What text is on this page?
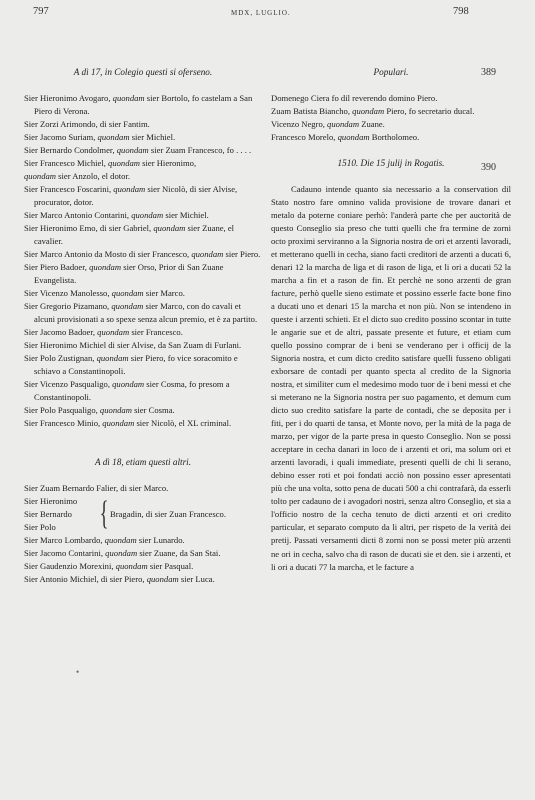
797	MDX, LUGLIO.	798
389
390
A dì 17, in Colegio questi si oferseno.

Sier Hieronimo Avogaro, quondam sier Bortolo, fo castelam a San Piero di Verona.

Sier Zorzi Arimondo, di sier Fantim.

Sier Jacomo Suriam, quondam sier Michiel.

Sier Bernardo Condolmer, quondam sier Zuam Francesco, fo . . . .

Sier Francesco Michiel, quondam sier Hieronimo,

quondam sier Anzolo, el dotor.

Sier Francesco Foscarini, quondam sier Nicolò, di sier Alvise, procurator, dotor.

Sier Marco Antonio Contarini, quondam sier Michiel.

Sier Hieronimo Emo, di sier Gabriel, quondam sier Zuane, el cavalier.

Sier Marco Antonio da Mosto di sier Francesco, quondam sier Piero.

Sier Piero Badoer, quondam sier Orso, Prior di San Zuane Evangelista.

Sier Vicenzo Manolesso, quondam sier Marco.

Sier Gregorio Pizamano, quondam sier Marco, con do cavali et alcuni provisionati a so spexe senza alcun premio, et è za partito.

Sier Jacomo Badoer, quondam sier Francesco.

Sier Hieronimo Michiel di sier Alvise, da San Zuam di Furlani.

Sier Polo Zustignan, quondam sier Piero, fo vice soracomito e schiavo a Constantinopoli.

Sier Vicenzo Pasqualigo, quondam sier Cosma, fo presom a Constantinopoli.

Sier Polo Pasqualigo, quondam sier Cosma.

Sier Francesco Minio, quondam sier Nicolò, el XL criminal.

A dì 18, etiam questi altri.

Sier Zuam Bernardo Falier, di sier Marco.

Sier Hieronimo
Sier Bernardo
Sier Polo	{ Bragadin, di sier Zuan Francesco.

Sier Marco Lombardo, quondam sier Lunardo.

Sier Jacomo Contarini, quondam sier Zuane, da San Stai.

Sier Gaudenzio Morexini, quondam sier Pasqual.

Sier Antonio Michiel, di sier Piero, quondam sier Luca.

Populari.

Domenego Ciera fo dil reverendo domino Piero.

Zuam Batista Biancho, quondam Piero, fo secretario ducal.

Vicenzo Negro, quondam Zuane.

Francesco Morelo, quondam Bortholomeo.

1510. Die 15 julij in Rogatis.

Cadauno intende quanto sia necessario a la conservation dil Stato nostro fare omnino valida provisione de trovare danari et metalo da poterne coniare perhò: l'anderà parte che per auctorità de questo Conseglio sia preso che tutti quelli che fra termine de zorni octo proximi serviranno a la Signoria nostra de ori et arzenti lavoradi, et metterano quelli in cecha, siano facti creditori de arzenti a ducati 6, denari 12 la marcha de liga et di rason de liga, et li ori a ducati 52 la marcha a fin et a rason de fin. Et perchè ne sono arzenti de gran facture, perhò quelle sieno estimate et possino esserle facte bone fino a ducati uno et denari 15 la marcha et non più. Non se intendeno in queste i arzenti schieti. Et el dicto suo credito possino scontar in tutte le angarie sue et de altri, passate presente et future, et etiam cum quello possino comprar de i beni se venderano per i officij de la Signoria nostra, et cum dicto credito satisfare quelli fusseno obligati exborsare de contadi per quanto specta al credito de la Signoria nostra, et similiter cum el medesimo modo tuor de i beni messi et che si meterano ne la Signoria nostra per suo pagamento, et demum cum dicto suo credito satisfare la parte de contadi, che se deposita per i fiti, per i do quarti de tansa, et Monte novo, per la mità de la paga de marzo, per vigor de la parte presa in questo Conseglio. Non se possi acceptare in cecha danari in loco de i arzenti et ori, ma solum ori et arzenti lavoradi, i quali immediate, presenti quelli de chi li serano, debino esser roti et poi fondati acciò non possino esser apresentati più che una volta, sotto pena de ducati 500 a chi contrafarà, da esserli tolto per cadauno de i avogadori nostri, senza altro Conseglio, et sia a l'officio nostro de la cecha tenuto de dicti arzenti et ori credito particular, et separato computo da li altri, per rispeto de la verità dei pretij. Passati versamenti dicti 8 zorni non se possi meter più arzenti ne ori in cecha, salvo cha di rason de ducati sie et den. sie i arzenti, et li ori a ducati 77 la marcha, et le facture a

•
